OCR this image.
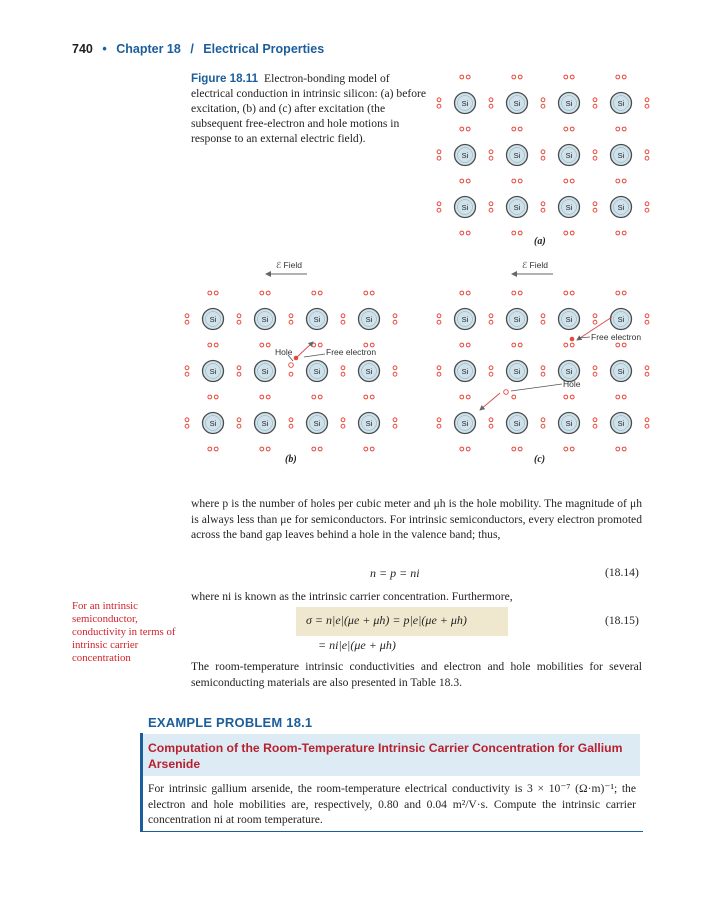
740 • Chapter 18 / Electrical Properties
Figure 18.11 Electron-bonding model of electrical conduction in intrinsic silicon: (a) before excitation, (b) and (c) after excitation (the subsequent free-electron and hole motions in response to an external electric field).
Si	Si	Si	Si
Si	Si	Si	Si
Si	Si	Si	Si
Si	Si	Si	Si
Si	Si	Si	Si
Si	Si	Si	Si
Si	Si	Si	Si
Si	Si	Si	Si
Si	Si	Si	Si
ℰ Field	ℰ Field
Hole	Free electron
Free electron
Hole
(a)
(b)	(c)
where p is the number of holes per cubic meter and μh is the hole mobility. The magnitude of μh is always less than μe for semiconductors. For intrinsic semiconductors, every electron promoted across the band gap leaves behind a hole in the valence band; thus,
n = p = ni	(18.14)
where ni is known as the intrinsic carrier concentration. Furthermore,
For an intrinsic semiconductor, conductivity in terms of intrinsic carrier concentration
σ = n|e|(μe + μh) = p|e|(μe + μh)
= ni|e|(μe + μh)
(18.15)
The room-temperature intrinsic conductivities and electron and hole mobilities for several semiconducting materials are also presented in Table 18.3.
EXAMPLE PROBLEM 18.1
Computation of the Room-Temperature Intrinsic Carrier Concentration for Gallium Arsenide
For intrinsic gallium arsenide, the room-temperature electrical conductivity is 3 × 10⁻⁷ (Ω·m)⁻¹; the electron and hole mobilities are, respectively, 0.80 and 0.04 m²/V·s. Compute the intrinsic carrier concentration ni at room temperature.
